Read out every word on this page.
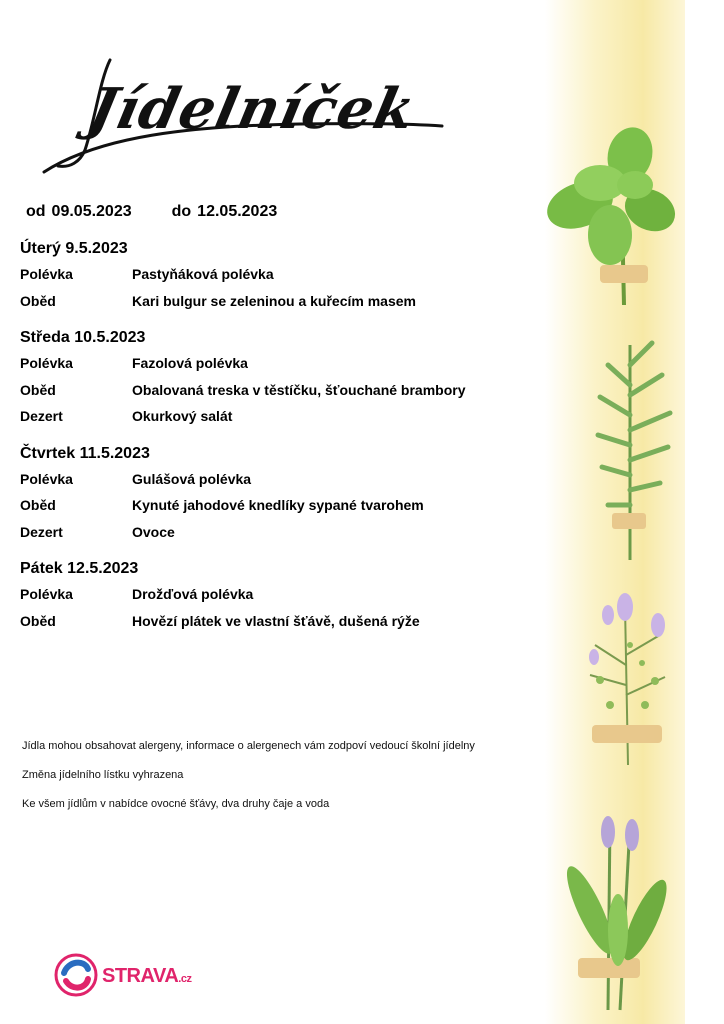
Jídelníček
od 09.05.2023	do 12.05.2023
Úterý 9.5.2023
Polévka	Pastyňáková polévka
Oběd	Kari bulgur se zeleninou a kuřecím masem
Středa 10.5.2023
Polévka	Fazolová polévka
Oběd	Obalovaná treska v těstíčku, šťouchané brambory
Dezert	Okurkový salát
Čtvrtek 11.5.2023
Polévka	Gulášová polévka
Oběd	Kynuté jahodové knedlíky sypané tvarohem
Dezert	Ovoce
Pátek 12.5.2023
Polévka	Drožďová polévka
Oběd	Hovězí plátek ve vlastní šťávě, dušená rýže

Jídla mohou obsahovat alergeny, informace o alergenech vám zodpoví vedoucí školní jídelny

Změna jídelního lístku vyhrazena

Ke všem jídlům v nabídce ovocné šťávy, dva druhy čaje a voda

STRAVA.cz
